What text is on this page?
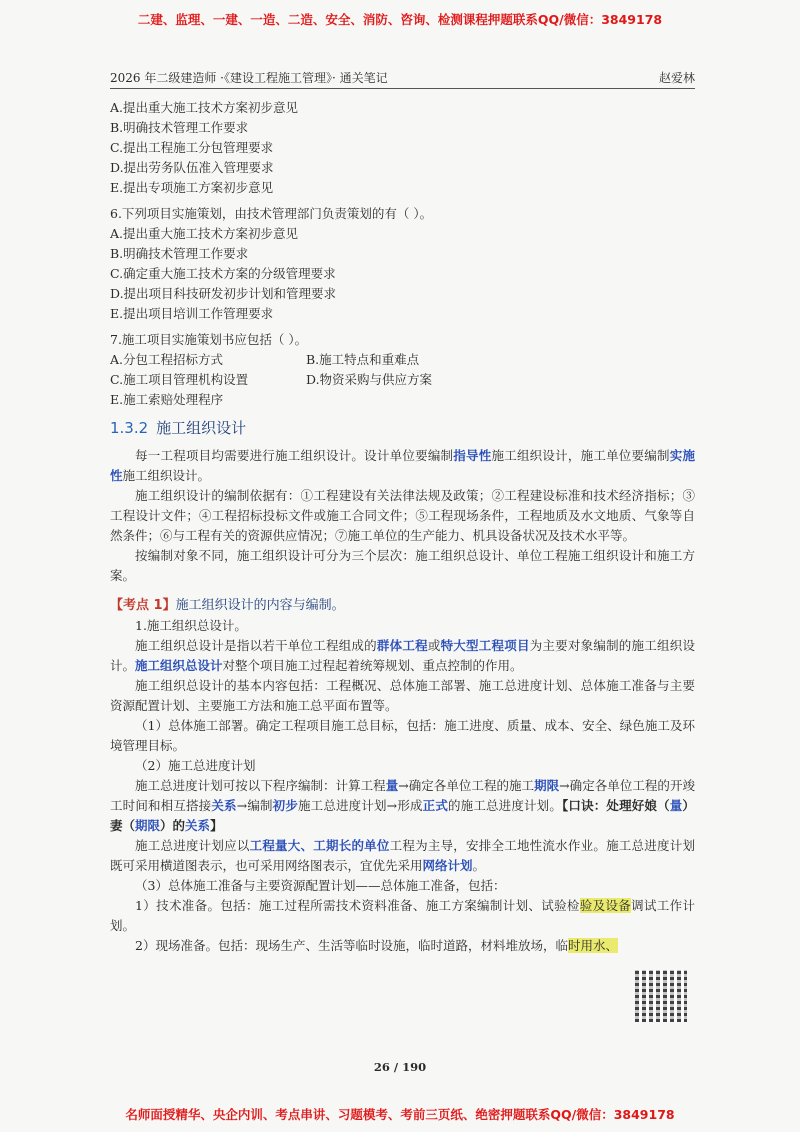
二建、监理、一建、一造、二造、安全、消防、咨询、检测课程押题联系QQ/微信：3849178
2026 年二级建造师 ·《建设工程施工管理》· 通关笔记	赵爱林
A.提出重大施工技术方案初步意见
B.明确技术管理工作要求
C.提出工程施工分包管理要求
D.提出劳务队伍准入管理要求
E.提出专项施工方案初步意见
6.下列项目实施策划，由技术管理部门负责策划的有（ ）。
A.提出重大施工技术方案初步意见
B.明确技术管理工作要求
C.确定重大施工技术方案的分级管理要求
D.提出项目科技研发初步计划和管理要求
E.提出项目培训工作管理要求
7.施工项目实施策划书应包括（ ）。
A.分包工程招标方式	B.施工特点和重难点
C.施工项目管理机构设置	D.物资采购与供应方案
E.施工索赔处理程序
1.3.2 施工组织设计
每一工程项目均需要进行施工组织设计。设计单位要编制指导性施工组织设计，施工单位要编制实施性施工组织设计。
施工组织设计的编制依据有：①工程建设有关法律法规及政策；②工程建设标准和技术经济指标；③工程设计文件；④工程招标投标文件或施工合同文件；⑤工程现场条件，工程地质及水文地质、气象等自然条件；⑥与工程有关的资源供应情况；⑦施工单位的生产能力、机具设备状况及技术水平等。
按编制对象不同，施工组织设计可分为三个层次：施工组织总设计、单位工程施工组织设计和施工方案。
【考点 1】施工组织设计的内容与编制。
1.施工组织总设计。
施工组织总设计是指以若干单位工程组成的群体工程或特大型工程项目为主要对象编制的施工组织设计。施工组织总设计对整个项目施工过程起着统筹规划、重点控制的作用。
施工组织总设计的基本内容包括：工程概况、总体施工部署、施工总进度计划、总体施工准备与主要资源配置计划、主要施工方法和施工总平面布置等。
（1）总体施工部署。确定工程项目施工总目标，包括：施工进度、质量、成本、安全、绿色施工及环境管理目标。
（2）施工总进度计划
施工总进度计划可按以下程序编制：计算工程量→确定各单位工程的施工期限→确定各单位工程的开竣工时间和相互搭接关系→编制初步施工总进度计划→形成正式的施工总进度计划。【口诀：处理好娘（量）妻（期限）的关系】
施工总进度计划应以工程量大、工期长的单位工程为主导，安排全工地性流水作业。施工总进度计划既可采用横道图表示，也可采用网络图表示，宜优先采用网络计划。
（3）总体施工准备与主要资源配置计划——总体施工准备，包括：
1）技术准备。包括：施工过程所需技术资料准备、施工方案编制计划、试验检验及设备调试工作计划。
2）现场准备。包括：现场生产、生活等临时设施，临时道路，材料堆放场，临时用水、
26 / 190
名师面授精华、央企内训、考点串讲、习题模考、考前三页纸、绝密押题联系QQ/微信：3849178
